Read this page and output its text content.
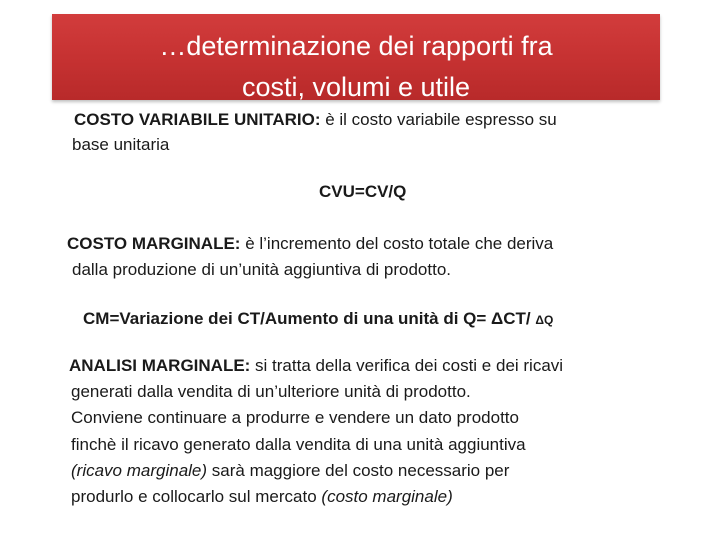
…determinazione dei rapporti fra
costi, volumi e utile
COSTO VARIABILE UNITARIO: è il costo variabile espresso su
base unitaria
CVU=CV/Q
COSTO MARGINALE: è l’incremento del costo totale che deriva
dalla produzione di un’unità aggiuntiva di prodotto.
CM=Variazione dei CT/Aumento di una unità di Q= ΔCT/ ΔQ
ANALISI MARGINALE: si tratta della verifica dei costi e dei ricavi
generati dalla vendita di un’ulteriore unità di prodotto.
Conviene continuare a produrre e vendere un dato prodotto
finchè il ricavo generato dalla vendita di una unità aggiuntiva
(ricavo marginale) sarà maggiore del costo necessario per
produrlo e collocarlo sul mercato (costo marginale)
